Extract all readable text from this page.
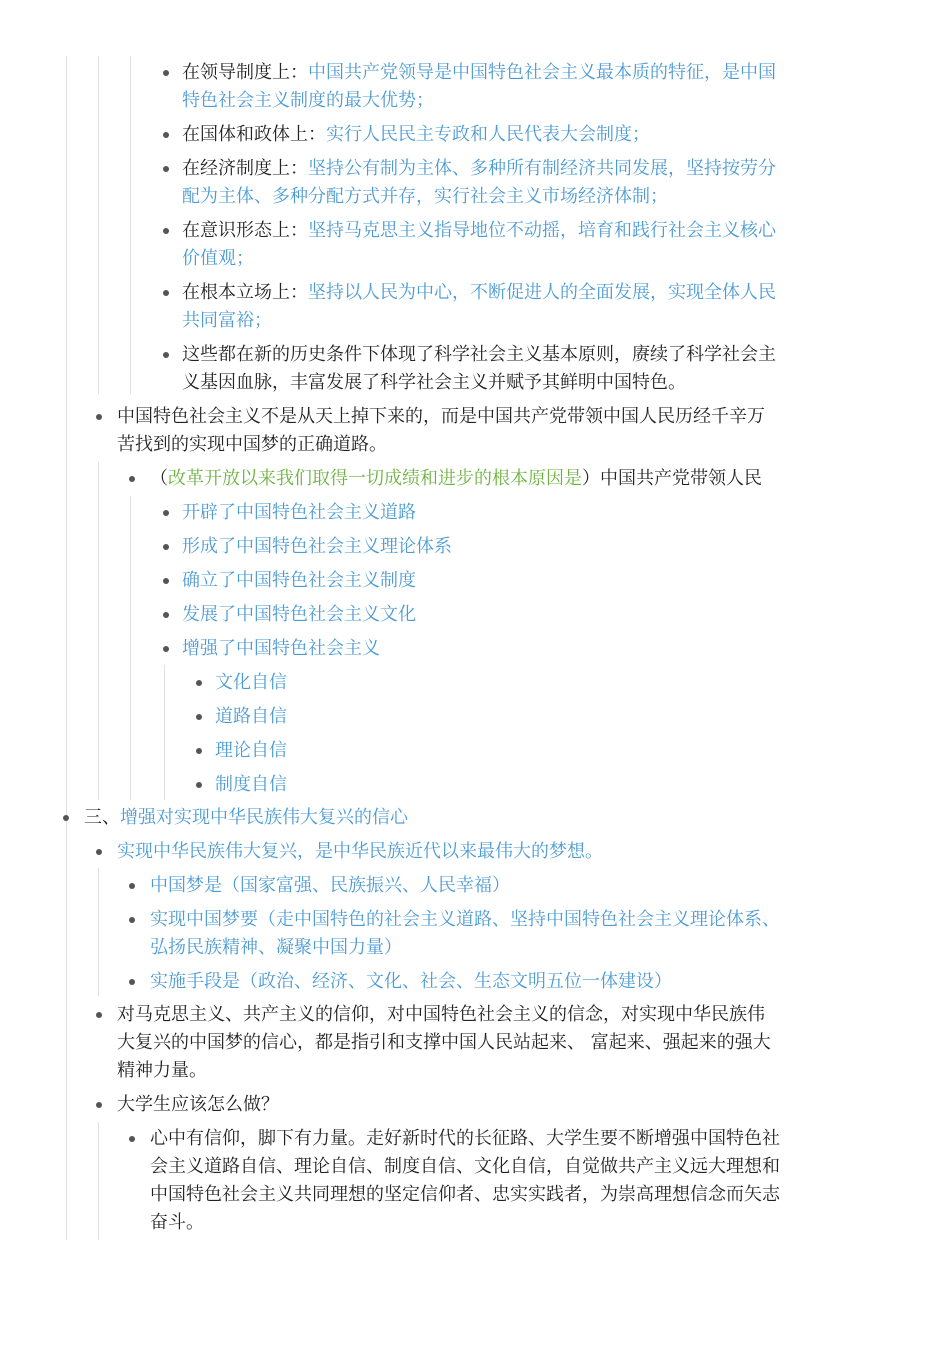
在领导制度上：中国共产党领导是中国特色社会主义最本质的特征，是中国
特色社会主义制度的最大优势；
在国体和政体上：实行人民民主专政和人民代表大会制度；
在经济制度上：坚持公有制为主体、多种所有制经济共同发展，坚持按劳分
配为主体、多种分配方式并存，实行社会主义市场经济体制；
在意识形态上：坚持马克思主义指导地位不动摇，培育和践行社会主义核心
价值观；
在根本立场上：坚持以人民为中心，不断促进人的全面发展，实现全体人民
共同富裕；
这些都在新的历史条件下体现了科学社会主义基本原则，赓续了科学社会主
义基因血脉，丰富发展了科学社会主义并赋予其鲜明中国特色。
中国特色社会主义不是从天上掉下来的，而是中国共产党带领中国人民历经千辛万
苦找到的实现中国梦的正确道路。
（改革开放以来我们取得一切成绩和进步的根本原因是）中国共产党带领人民
开辟了中国特色社会主义道路
形成了中国特色社会主义理论体系
确立了中国特色社会主义制度
发展了中国特色社会主义文化
增强了中国特色社会主义
文化自信
道路自信
理论自信
制度自信
三、增强对实现中华民族伟大复兴的信心
实现中华民族伟大复兴，是中华民族近代以来最伟大的梦想。
中国梦是（国家富强、民族振兴、人民幸福）
实现中国梦要（走中国特色的社会主义道路、坚持中国特色社会主义理论体系、
弘扬民族精神、凝聚中国力量）
实施手段是（政治、经济、文化、社会、生态文明五位一体建设）
对马克思主义、共产主义的信仰，对中国特色社会主义的信念，对实现中华民族伟
大复兴的中国梦的信心，都是指引和支撑中国人民站起来、 富起来、强起来的强大
精神力量。
大学生应该怎么做？
心中有信仰，脚下有力量。走好新时代的长征路、大学生要不断增强中国特色社
会主义道路自信、理论自信、制度自信、文化自信，自觉做共产主义远大理想和
中国特色社会主义共同理想的坚定信仰者、忠实实践者，为崇高理想信念而矢志
奋斗。
